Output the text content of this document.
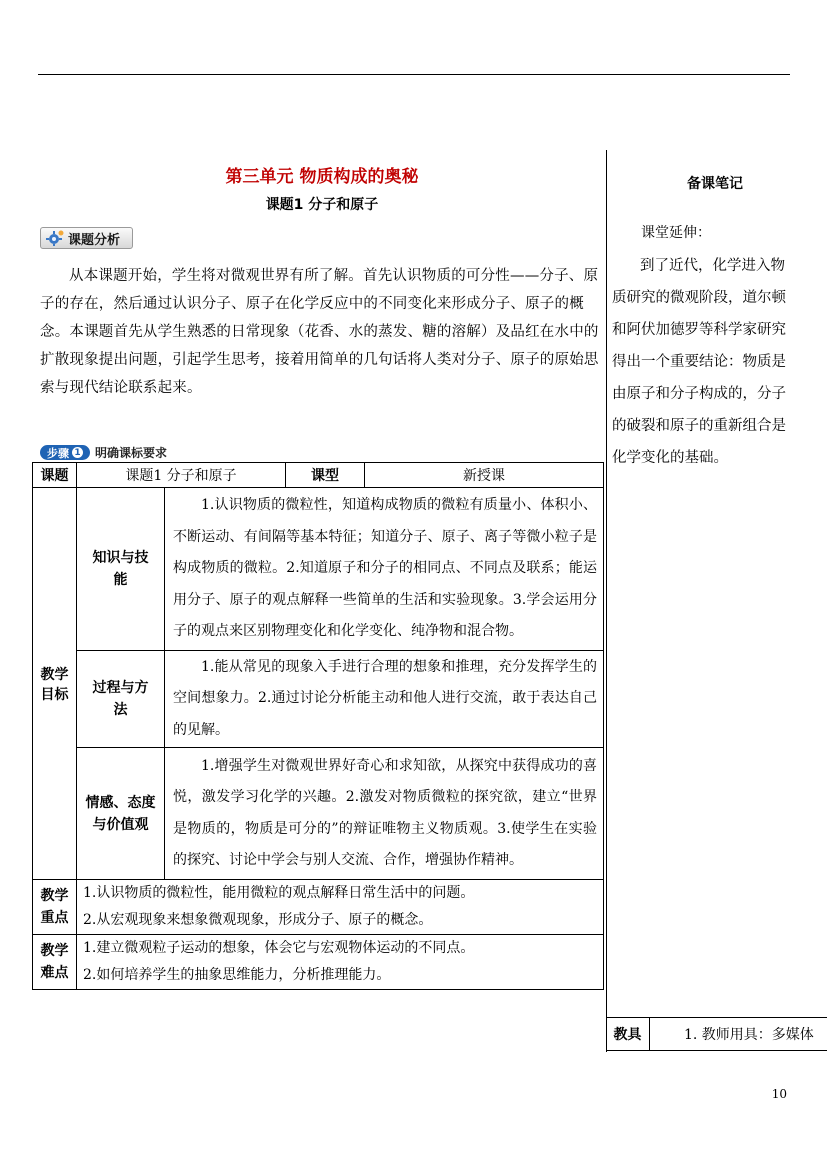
第三单元 物质构成的奥秘
课题1 分子和原子
课题分析

从本课题开始，学生将对微观世界有所了解。首先认识物质的可分性——分子、原子的存在，然后通过认识分子、原子在化学反应中的不同变化来形成分子、原子的概念。本课题首先从学生熟悉的日常现象（花香、水的蒸发、糖的溶解）及品红在水中的扩散现象提出问题，引起学生思考，接着用简单的几句话将人类对分子、原子的原始思索与现代结论联系起来。

步骤 1 明确课标要求
课题	课题1 分子和原子		课型	新授课
教学目标	知识与技能	1.认识物质的微粒性，知道构成物质的微粒有质量小、体积小、不断运动、有间隔等基本特征；知道分子、原子、离子等微小粒子是构成物质的微粒。2.知道原子和分子的相同点、不同点及联系；能运用分子、原子的观点解释一些简单的生活和实验现象。3.学会运用分子的观点来区别物理变化和化学变化、纯净物和混合物。		
	过程与方法	1.能从常见的现象入手进行合理的想象和推理，充分发挥学生的空间想象力。2.通过讨论分析能主动和他人进行交流，敢于表达自己的见解。		
	情感、态度与价值观	1.增强学生对微观世界好奇心和求知欲，从探究中获得成功的喜悦，激发学习化学的兴趣。2.激发对物质微粒的探究欲，建立“世界是物质的，物质是可分的”的辩证唯物主义物质观。3.使学生在实验的探究、讨论中学会与别人交流、合作，增强协作精神。		
教学重点	1.认识物质的微粒性，能用微粒的观点解释日常生活中的问题。
2.从宏观现象来想象微观现象，形成分子、原子的概念。			

教学难点	1.建立微观粒子运动的想象，体会它与宏观物体运动的不同点。
2.如何培养学生的抽象思维能力，分析推理能力。			
备课笔记
课堂延伸：

到了近代，化学进入物质研究的微观阶段，道尔顿和阿伏加德罗等科学家研究得出一个重要结论：物质是由原子和分子构成的，分子的破裂和原子的重新组合是化学变化的基础。

教具	1. 教师用具：多媒体
10
